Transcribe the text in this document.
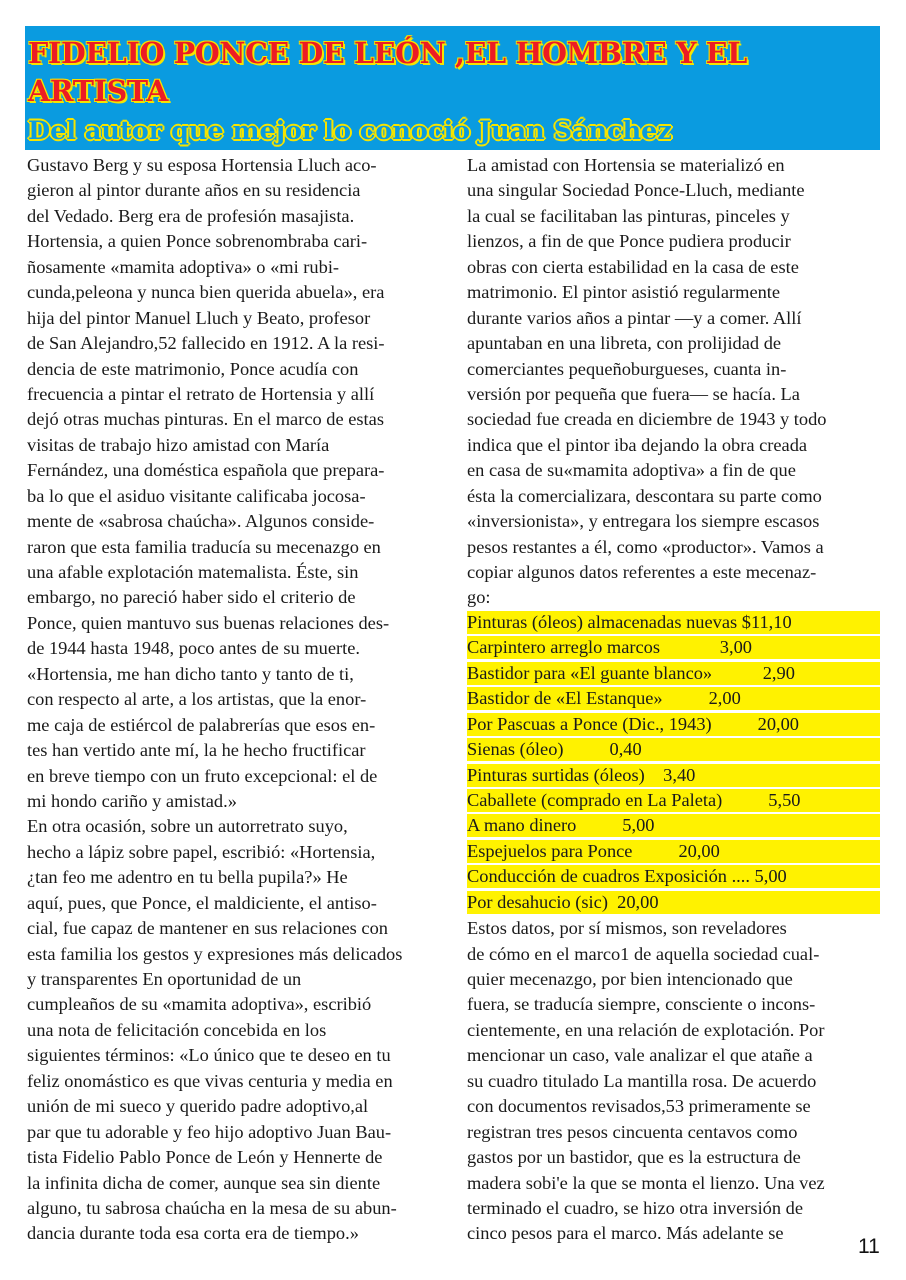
FIDELIO PONCE DE LEÓN ,EL HOMBRE Y EL ARTISTA
Del autor que mejor lo conoció Juan Sánchez
Gustavo Berg y su esposa Hortensia Lluch aco-
gieron al pintor durante años en su residencia
del Vedado. Berg era de profesión masajista.
Hortensia, a quien Ponce sobrenombraba cari-
ñosamente «mamita adoptiva» o «mi rubi-
cunda,peleona y nunca bien querida abuela», era
hija del pintor Manuel Lluch y Beato, profesor
de San Alejandro,52 fallecido en 1912. A la resi-
dencia de este matrimonio, Ponce acudía con
frecuencia a pintar el retrato de Hortensia y allí
dejó otras muchas pinturas. En el marco de estas
visitas de trabajo hizo amistad con María
Fernández, una doméstica española que prepara-
ba lo que el asiduo visitante calificaba jocosa-
mente de «sabrosa chaúcha». Algunos conside-
raron que esta familia traducía su mecenazgo en
una afable explotación matemalista. Éste, sin
embargo, no pareció haber sido el criterio de
Ponce, quien mantuvo sus buenas relaciones des-
de 1944 hasta 1948, poco antes de su muerte.
«Hortensia, me han dicho tanto y tanto de ti,
con respecto al arte, a los artistas, que la enor-
me caja de estiércol de palabrerías que esos en-
tes han vertido ante mí, la he hecho fructificar
en breve tiempo con un fruto excepcional: el de
mi hondo cariño y amistad.»
En otra ocasión, sobre un autorretrato suyo,
hecho a lápiz sobre papel, escribió: «Hortensia,
¿tan feo me adentro en tu bella pupila?» He
aquí, pues, que Ponce, el maldiciente, el antiso-
cial, fue capaz de mantener en sus relaciones con
esta familia los gestos y expresiones más delicados
y transparentes En oportunidad de un
cumpleaños de su «mamita adoptiva», escribió
una nota de felicitación concebida en los
siguientes términos: «Lo único que te deseo en tu
feliz onomástico es que vivas centuria y media en
unión de mi sueco y querido padre adoptivo,al
par que tu adorable y feo hijo adoptivo Juan Bau-
tista Fidelio Pablo Ponce de León y Hennerte de
la infinita dicha de comer, aunque sea sin diente
alguno, tu sabrosa chaúcha en la mesa de su abun-
dancia durante toda esa corta era de tiempo.»
La amistad con Hortensia se materializó en
una singular Sociedad Ponce-Lluch, mediante
la cual se facilitaban las pinturas, pinceles y
lienzos, a fin de que Ponce pudiera producir
obras con cierta estabilidad en la casa de este
matrimonio. El pintor asistió regularmente
durante varios años a pintar —y a comer. Allí
apuntaban en una libreta, con prolijidad de
comerciantes pequeñoburgueses, cuanta in-
versión por pequeña que fuera— se hacía. La
sociedad fue creada en diciembre de 1943 y todo
indica que el pintor iba dejando la obra creada
en casa de su«mamita adoptiva» a fin de que
ésta la comercializara, descontara su parte como
«inversionista», y entregara los siempre escasos
pesos restantes a él, como «productor». Vamos a
copiar algunos datos referentes a este mecenaz-
go:
Pinturas (óleos) almacenadas nuevas $11,10
Carpintero arreglo marcos             3,00
Bastidor para «El guante blanco»           2,90
Bastidor de «El Estanque»          2,00
Por Pascuas a Ponce (Dic., 1943)          20,00
Sienas (óleo)          0,40
Pinturas surtidas (óleos)    3,40
Caballete (comprado en La Paleta)          5,50
A mano dinero          5,00
Espejuelos para Ponce          20,00
Conducción de cuadros Exposición .... 5,00
Por desahucio (sic)  20,00
Estos datos, por sí mismos, son reveladores
de cómo en el marco1 de aquella sociedad cual-
quier mecenazgo, por bien intencionado que
fuera, se traducía siempre, consciente o incons-
cientemente, en una relación de explotación. Por
mencionar un caso, vale analizar el que atañe a
su cuadro titulado La mantilla rosa. De acuerdo
con documentos revisados,53 primeramente se
registran tres pesos cincuenta centavos como
gastos por un bastidor, que es la estructura de
madera sobi'e la que se monta el lienzo. Una vez
terminado el cuadro, se hizo otra inversión de
cinco pesos para el marco. Más adelante se
11
